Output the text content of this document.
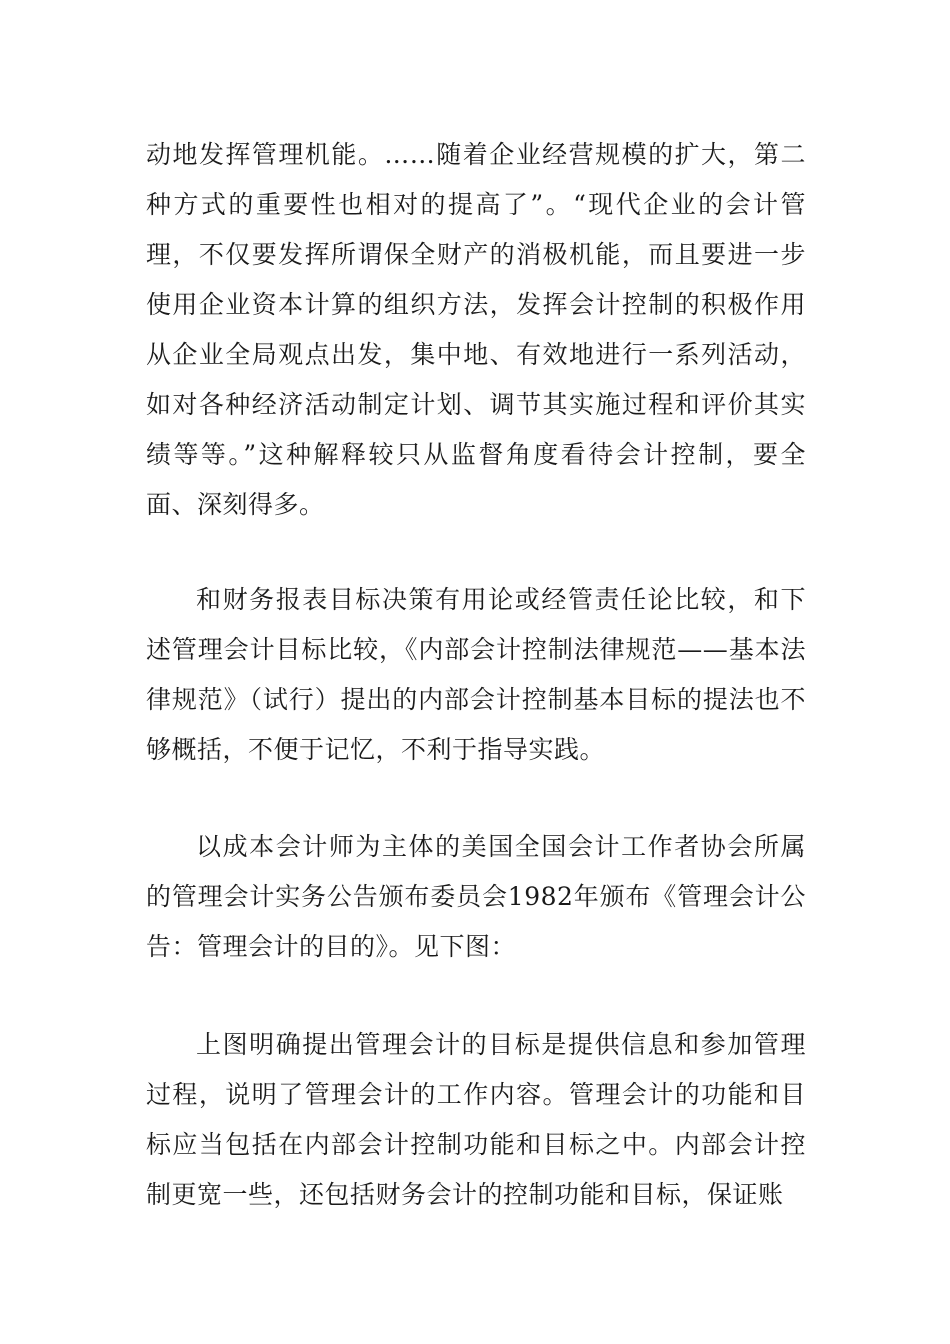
动地发挥管理机能。……随着企业经营规模的扩大，第二种方式的重要性也相对的提高了”。“现代企业的会计管理，不仅要发挥所谓保全财产的消极机能，而且要进一步使用企业资本计算的组织方法，发挥会计控制的积极作用从企业全局观点出发，集中地、有效地进行一系列活动，如对各种经济活动制定计划、调节其实施过程和评价其实绩等等。”这种解释较只从监督角度看待会计控制，要全面、深刻得多。

和财务报表目标决策有用论或经管责任论比较，和下述管理会计目标比较，《内部会计控制法律规范——基本法律规范》（试行）提出的内部会计控制基本目标的提法也不够概括，不便于记忆，不利于指导实践。

以成本会计师为主体的美国全国会计工作者协会所属的管理会计实务公告颁布委员会1982年颁布《管理会计公告：管理会计的目的》。见下图：

上图明确提出管理会计的目标是提供信息和参加管理过程，说明了管理会计的工作内容。管理会计的功能和目标应当包括在内部会计控制功能和目标之中。内部会计控制更宽一些，还包括财务会计的控制功能和目标，保证账
